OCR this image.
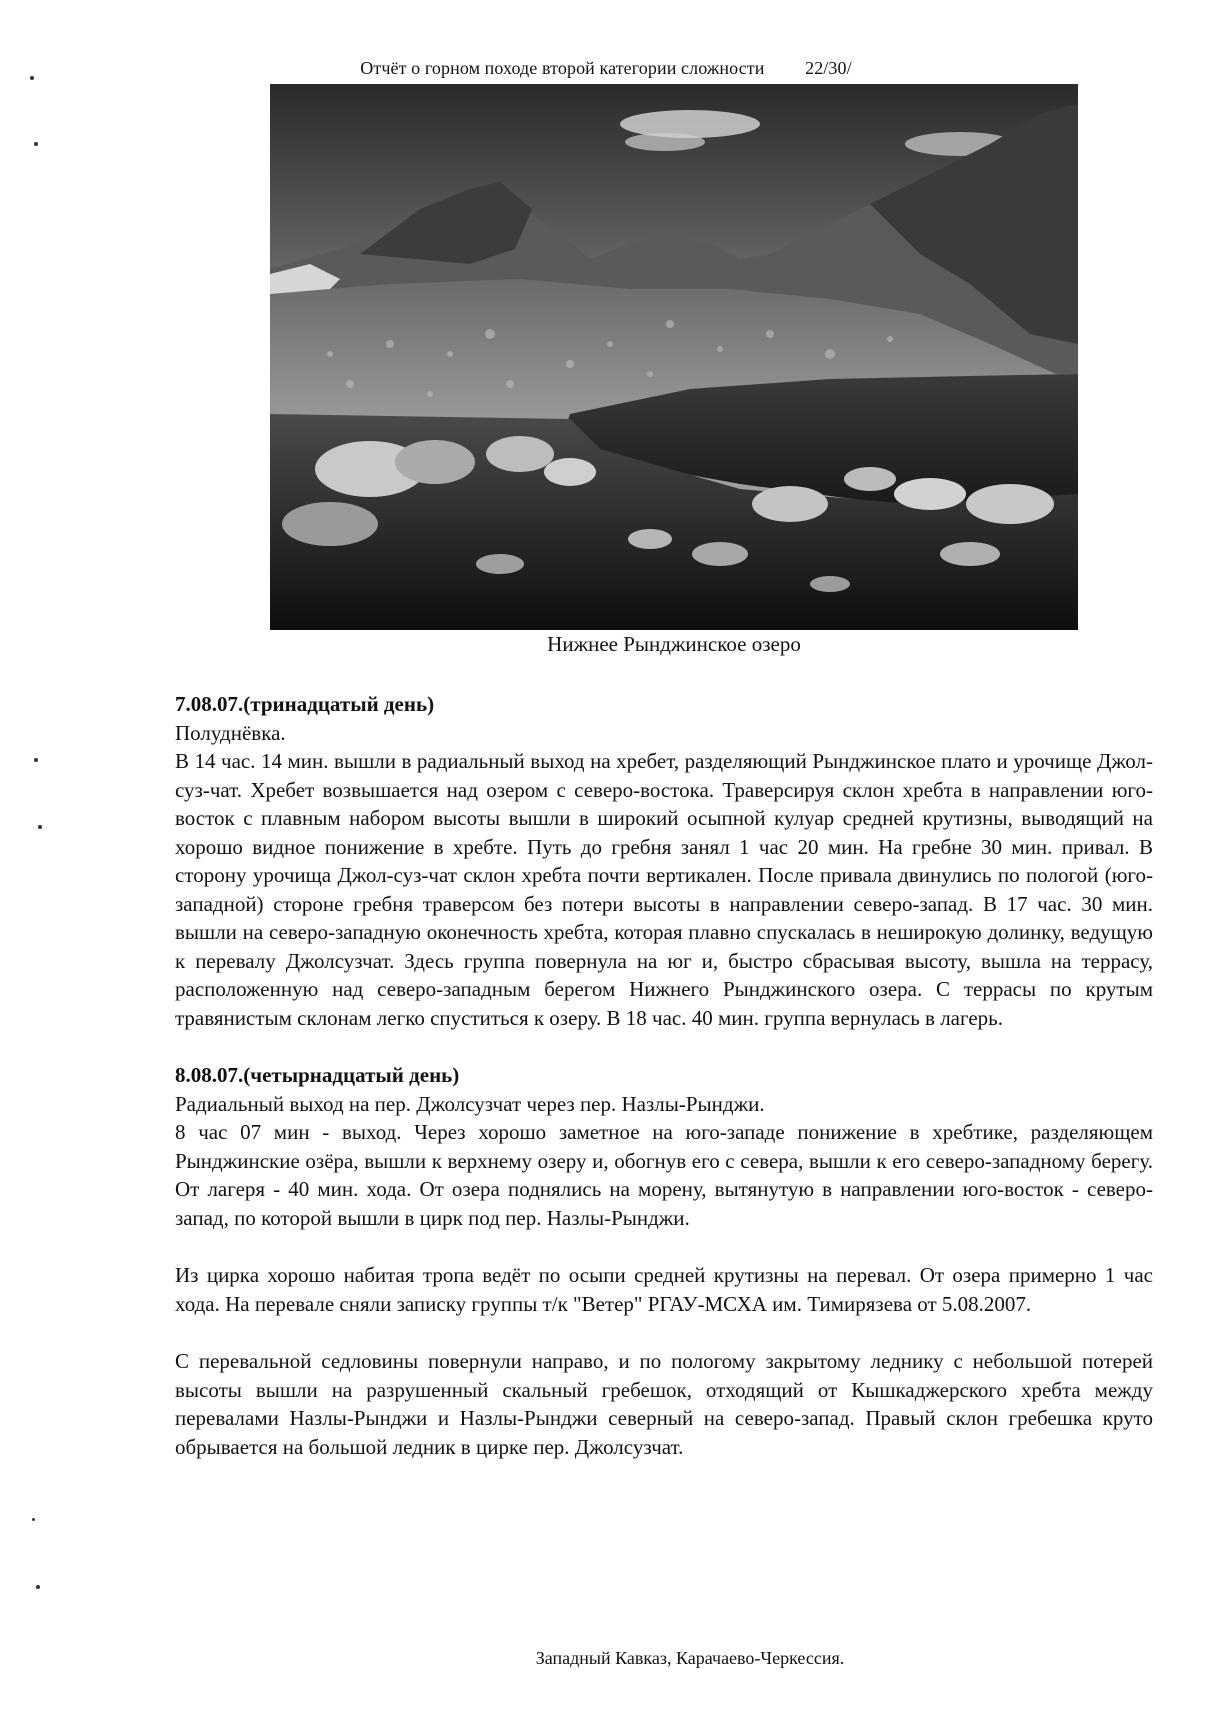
Отчёт о горном походе второй категории сложности 22/30/
Нижнее Рынджинское озеро

7.08.07.(тринадцатый день)

Полуднёвка.

В 14 час. 14 мин. вышли в радиальный выход на хребет, разделяющий Рынджинское плато и урочище Джол-суз-чат. Хребет возвышается над озером с северо-востока. Траверсируя склон хребта в направлении юго-восток с плавным набором высоты вышли в широкий осыпной кулуар средней крутизны, выводящий на хорошо видное понижение в хребте. Путь до гребня занял 1 час 20 мин. На гребне 30 мин. привал. В сторону урочища Джол-суз-чат склон хребта почти вертикален. После привала двинулись по пологой (юго-западной) стороне гребня траверсом без потери высоты в направлении северо-запад. В 17 час. 30 мин. вышли на северо-западную оконечность хребта, которая плавно спускалась в неширокую долинку, ведущую к перевалу Джолсузчат. Здесь группа повернула на юг и, быстро сбрасывая высоту, вышла на террасу, расположенную над северо-западным берегом Нижнего Рынджинского озера. С террасы по крутым травянистым склонам легко спуститься к озеру. В 18 час. 40 мин. группа вернулась в лагерь.

8.08.07.(четырнадцатый день)

Радиальный выход на пер. Джолсузчат через пер. Назлы-Рынджи.

8 час 07 мин - выход. Через хорошо заметное на юго-западе понижение в хребтике, разделяющем Рынджинские озёра, вышли к верхнему озеру и, обогнув его с севера, вышли к его северо-западному берегу. От лагеря - 40 мин. хода. От озера поднялись на морену, вытянутую в направлении юго-восток - северо-запад, по которой вышли в цирк под пер. Назлы-Рынджи.

Из цирка хорошо набитая тропа ведёт по осыпи средней крутизны на перевал. От озера примерно 1 час хода. На перевале сняли записку группы т/к "Ветер" РГАУ-МСХА им. Тимирязева от 5.08.2007.

С перевальной седловины повернули направо, и по пологому закрытому леднику с небольшой потерей высоты вышли на разрушенный скальный гребешок, отходящий от Кышкаджерского хребта между перевалами Назлы-Рынджи и Назлы-Рынджи северный на северо-запад. Правый склон гребешка круто обрывается на большой ледник в цирке пер. Джолсузчат.

Западный Кавказ, Карачаево-Черкессия.
